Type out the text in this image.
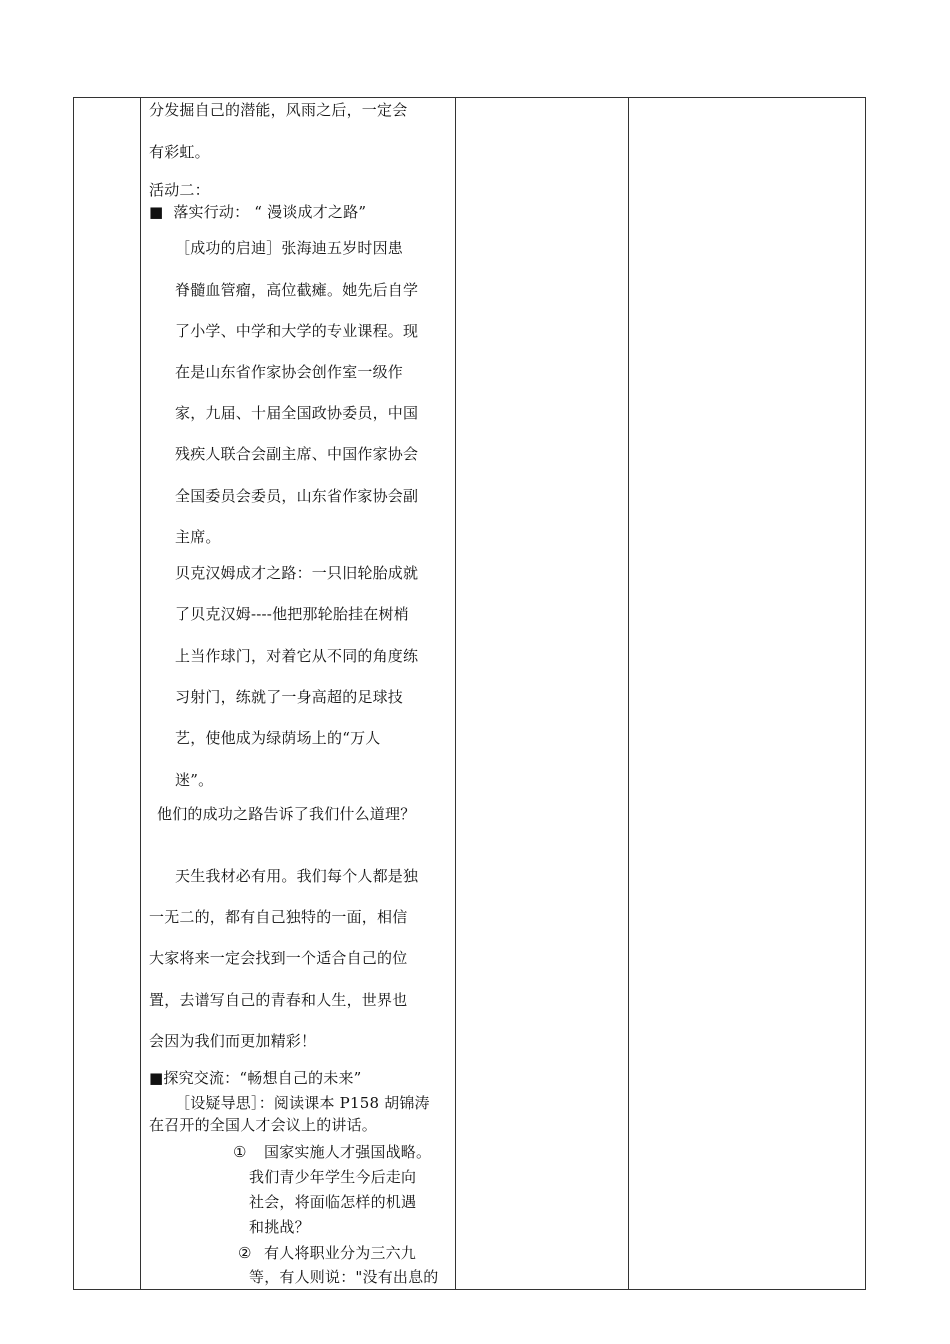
分发掘自己的潜能，风雨之后，一定会
有彩虹。
活动二：
■ 落实行动： “ 漫谈成才之路”
［成功的启迪］张海迪五岁时因患
脊髓血管瘤，高位截瘫。她先后自学
了小学、中学和大学的专业课程。现
在是山东省作家协会创作室一级作
家，九届、十届全国政协委员，中国
残疾人联合会副主席、中国作家协会
全国委员会委员，山东省作家协会副
主席。
贝克汉姆成才之路：一只旧轮胎成就
了贝克汉姆----他把那轮胎挂在树梢
上当作球门，对着它从不同的角度练
习射门，练就了一身高超的足球技
艺，使他成为绿荫场上的“万人
迷”。
他们的成功之路告诉了我们什么道理？
天生我材必有用。我们每个人都是独
一无二的，都有自己独特的一面，相信
大家将来一定会找到一个适合自己的位
置，去谱写自己的青春和人生，世界也
会因为我们而更加精彩！
■探究交流：“畅想自己的未来”
［设疑导思］：阅读课本 P158 胡锦涛
在召开的全国人才会议上的讲话。
① 国家实施人才强国战略。
我们青少年学生今后走向
社会，将面临怎样的机遇
和挑战？
② 有人将职业分为三六九
等，有人则说："没有出息的
